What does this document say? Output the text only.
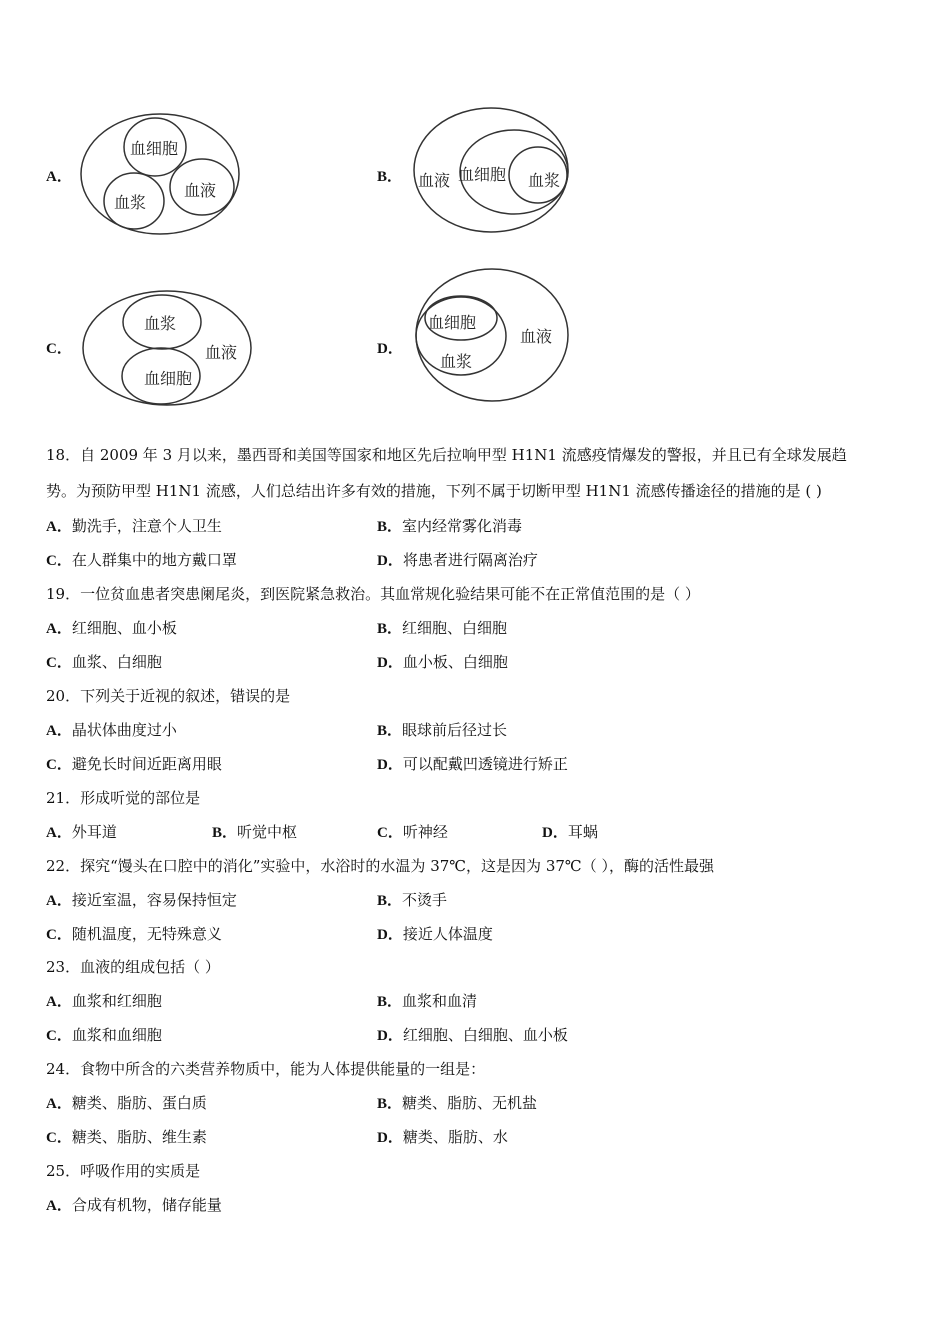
A．
血细胞
血浆
血液
B． 血液 血细胞 血浆
C．
血浆
血液
血细胞
D．
血细胞
血液
血浆
18．自 2009 年 3 月以来，墨西哥和美国等国家和地区先后拉响甲型 H1N1 流感疫情爆发的警报，并且已有全球发展趋
势。为预防甲型 H1N1 流感，人们总结出许多有效的措施，下列不属于切断甲型 H1N1 流感传播途径的措施的是 ( )
A．勤洗手，注意个人卫生	B．室内经常雾化消毒
C．在人群集中的地方戴口罩	D．将患者进行隔离治疗
19．一位贫血患者突患阑尾炎，到医院紧急救治。其血常规化验结果可能不在正常值范围的是（ ）
A．红细胞、血小板	B．红细胞、白细胞
C．血浆、白细胞	D．血小板、白细胞
20．下列关于近视的叙述，错误的是
A．晶状体曲度过小	B．眼球前后径过长
C．避免长时间近距离用眼	D．可以配戴凹透镜进行矫正
21．形成听觉的部位是
A．外耳道	B．听觉中枢	C．听神经	D．耳蜗
22．探究“馒头在口腔中的消化”实验中，水浴时的水温为 37℃，这是因为 37℃（ ），酶的活性最强
A．接近室温，容易保持恒定	B．不烫手
C．随机温度，无特殊意义	D．接近人体温度
23．血液的组成包括（ ）
A．血浆和红细胞	B．血浆和血清
C．血浆和血细胞	D．红细胞、白细胞、血小板
24．食物中所含的六类营养物质中，能为人体提供能量的一组是：
A．糖类、脂肪、蛋白质	B．糖类、脂肪、无机盐
C．糖类、脂肪、维生素	D．糖类、脂肪、水
25．呼吸作用的实质是
A．合成有机物，储存能量
